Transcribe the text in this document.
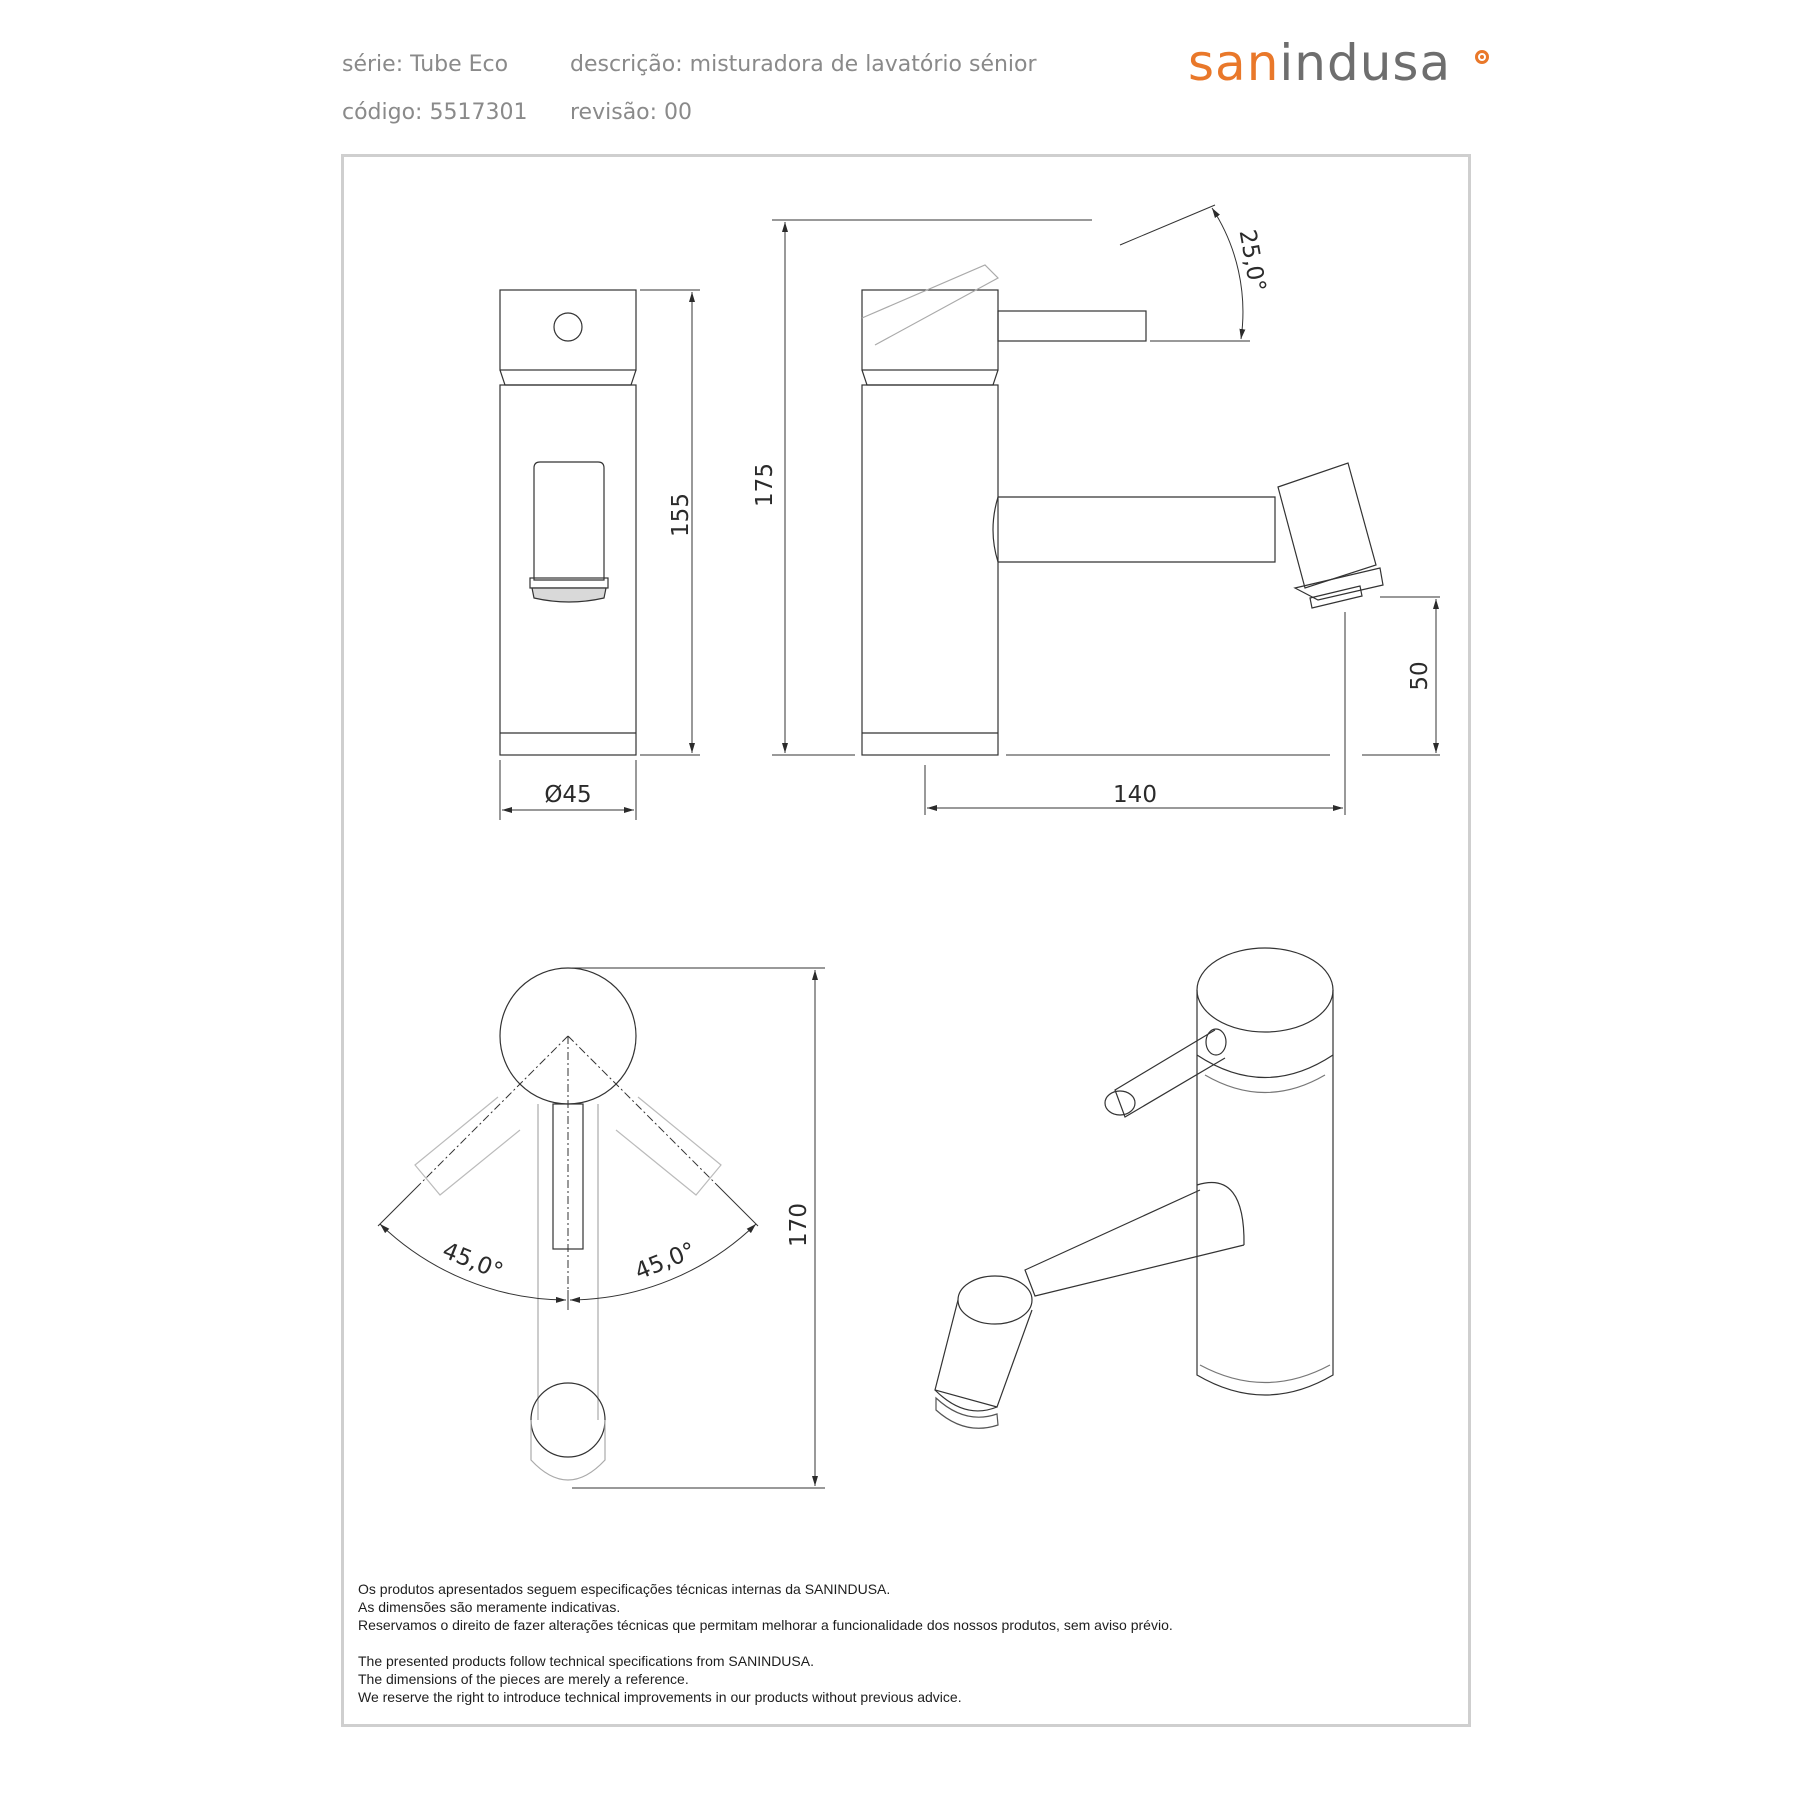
série: Tube Eco	descrição: misturadora de lavatório sénior
código: 5517301 revisão: 00
sanindusa
155
Ø45
175
25,0°
50
140
45,0°	45,0°
170
Os produtos apresentados seguem especificações técnicas internas da SANINDUSA.
As dimensões são meramente indicativas.
Reservamos o direito de fazer alterações técnicas que permitam melhorar a funcionalidade dos nossos produtos, sem aviso prévio.
The presented products follow technical specifications from SANINDUSA.
The dimensions of the pieces are merely a reference.
We reserve the right to introduce technical improvements in our products without previous advice.
